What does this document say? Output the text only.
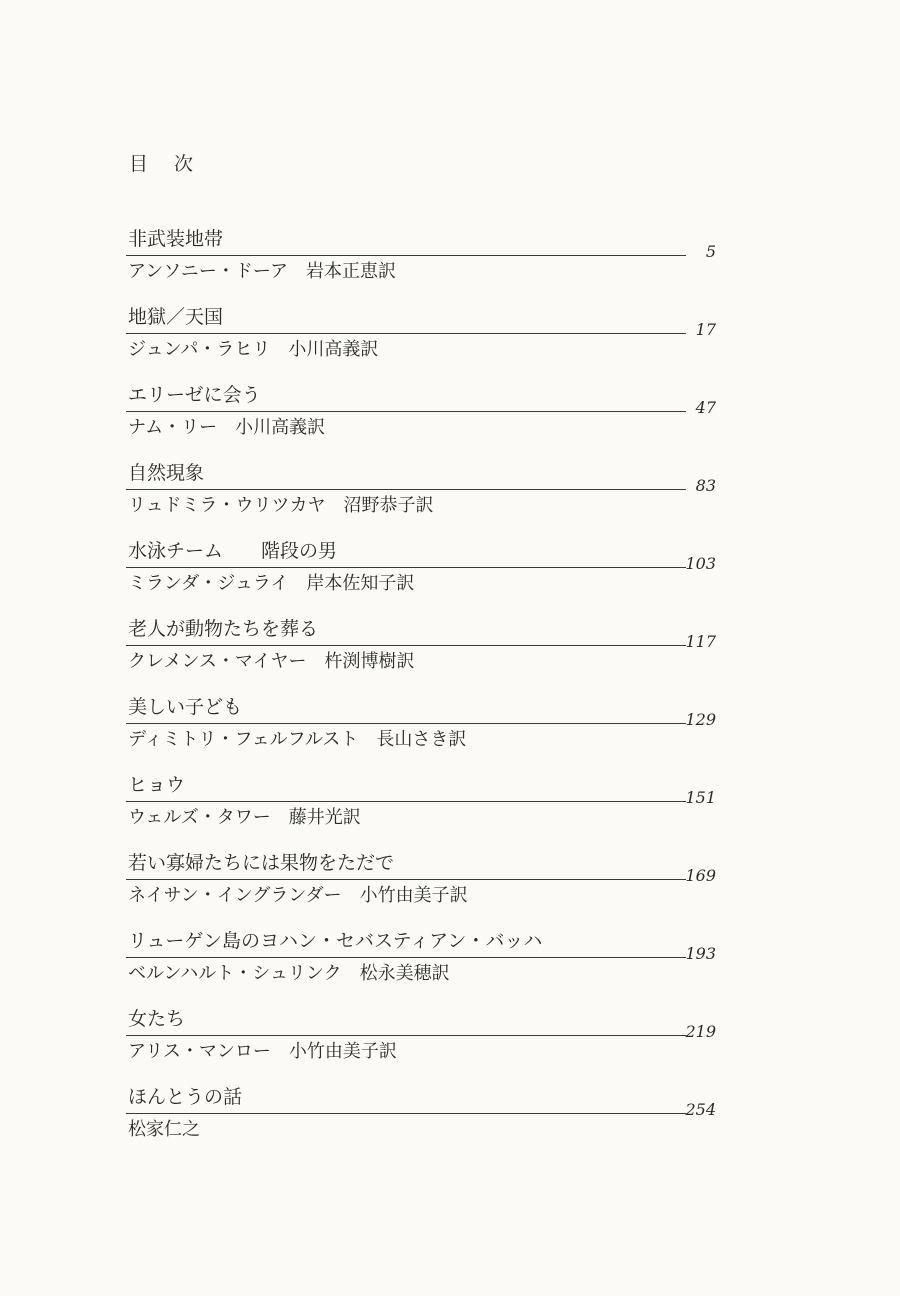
目 次
非武装地帯
5
アンソニー・ドーア　岩本正恵訳
地獄／天国
17
ジュンパ・ラヒリ　小川高義訳
エリーゼに会う
47
ナム・リー　小川高義訳
自然現象
83
リュドミラ・ウリツカヤ　沼野恭子訳
水泳チーム　　階段の男
103
ミランダ・ジュライ　岸本佐知子訳
老人が動物たちを葬る
117
クレメンス・マイヤー　杵渕博樹訳
美しい子ども
129
ディミトリ・フェルフルスト　長山さき訳
ヒョウ
151
ウェルズ・タワー　藤井光訳
若い寡婦たちには果物をただで
169
ネイサン・イングランダー　小竹由美子訳
リューゲン島のヨハン・セバスティアン・バッハ
193
ベルンハルト・シュリンク　松永美穂訳
女たち
219
アリス・マンロー　小竹由美子訳
ほんとうの話
254
松家仁之
